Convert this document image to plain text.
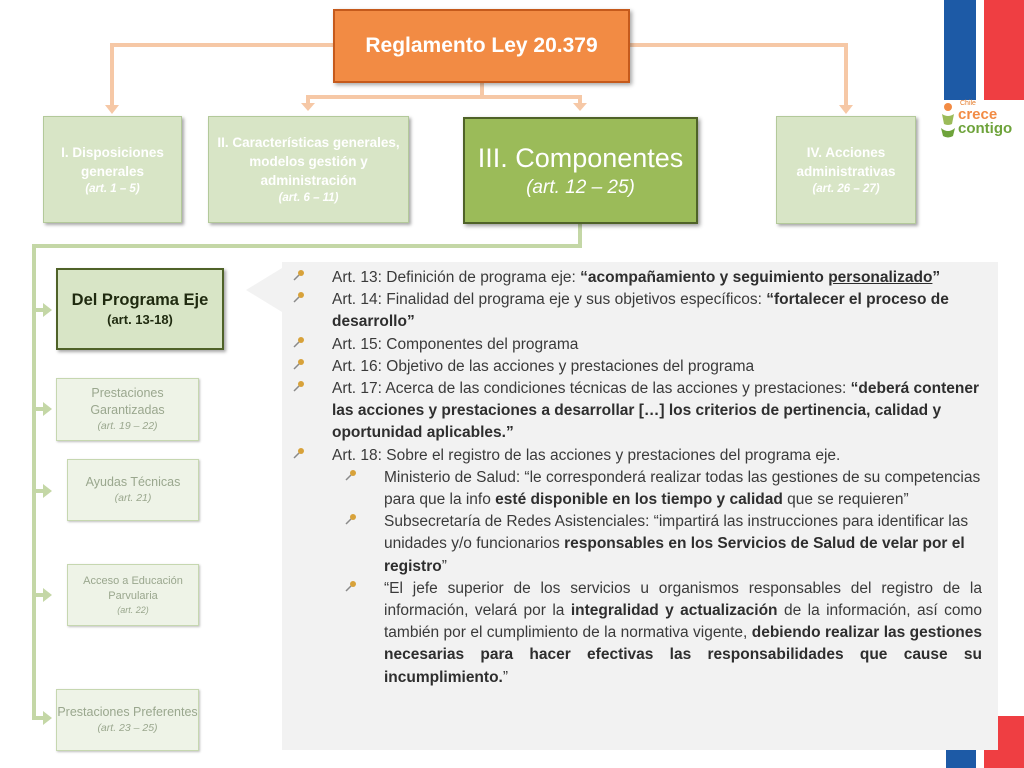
Reglamento Ley 20.379
I. Disposiciones generales
(art. 1 – 5)
II. Características generales, modelos gestión y administración
(art. 6 – 11)
III. Componentes
(art. 12 – 25)
IV. Acciones administrativas
(art. 26 – 27)
Chile
crece
contigo
Del Programa Eje
(art. 13-18)
Prestaciones Garantizadas
(art. 19 – 22)
Ayudas Técnicas
(art. 21)
Acceso a Educación Parvularia
(art. 22)
Prestaciones Preferentes
(art. 23 – 25)
Art. 13: Definición de programa eje: “acompañamiento y seguimiento personalizado”
Art. 14: Finalidad del programa eje y sus objetivos específicos: “fortalecer el proceso de desarrollo”
Art. 15: Componentes del programa
Art. 16: Objetivo de las acciones y prestaciones del programa
Art. 17: Acerca de las condiciones técnicas de las acciones y prestaciones: “deberá contener las acciones y prestaciones a desarrollar […] los criterios de pertinencia, calidad y oportunidad aplicables.”
Art. 18: Sobre el registro de las acciones y prestaciones del programa eje.
Ministerio de Salud: “le corresponderá realizar todas las gestiones de su competencias para que la info esté disponible en los tiempo y calidad que se requieren”
Subsecretaría de Redes Asistenciales: “impartirá las instrucciones para identificar las unidades y/o funcionarios responsables en los Servicios de Salud de velar por el registro”
“El jefe superior de los servicios u organismos responsables del registro de la información, velará por la integralidad y actualización de la información, así como también por el cumplimiento de la normativa vigente, debiendo realizar las gestiones necesarias para hacer efectivas las responsabilidades que cause su incumplimiento.”
